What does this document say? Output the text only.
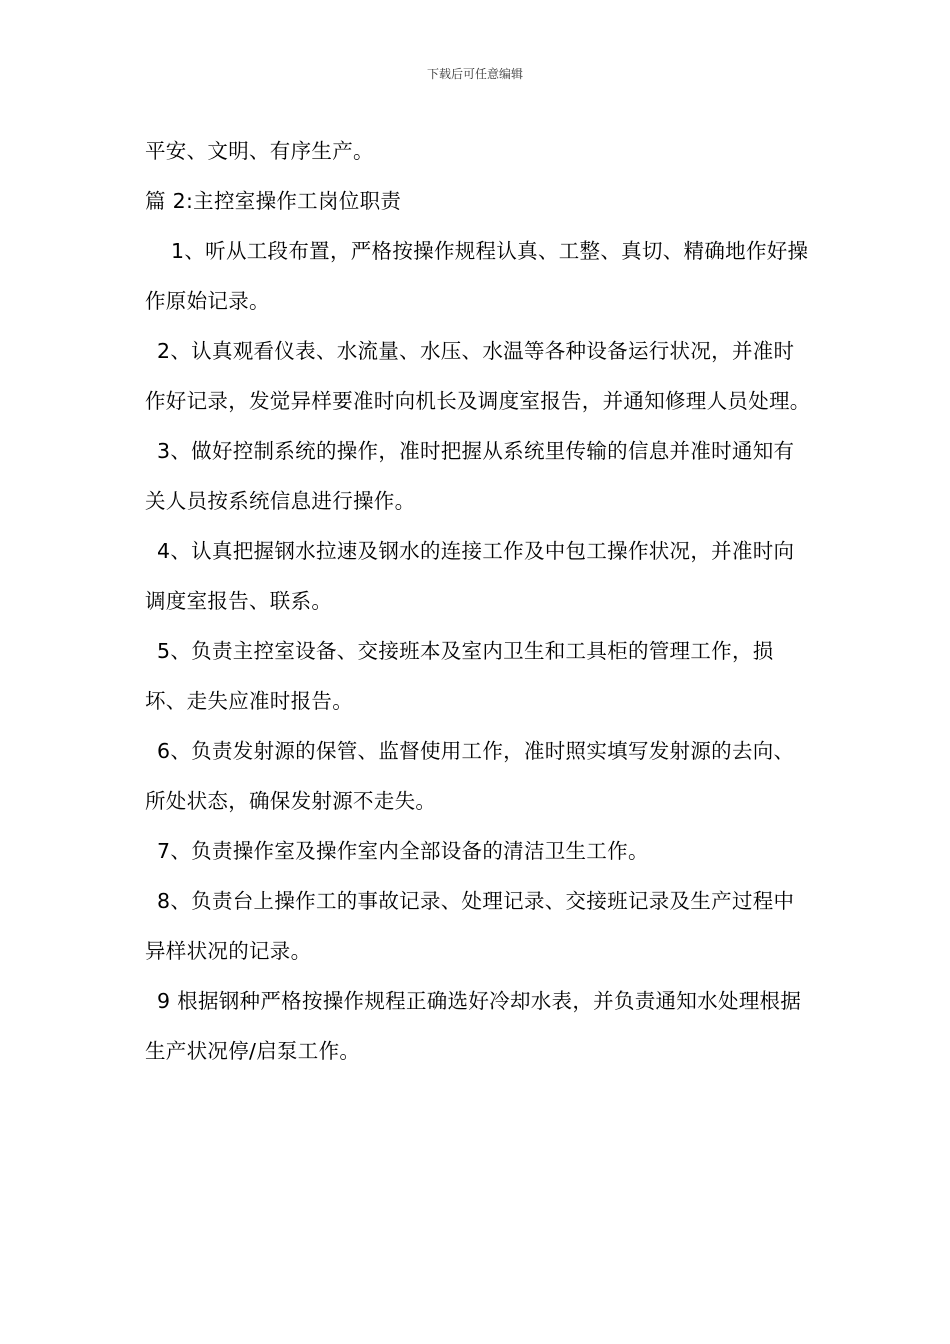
下载后可任意编辑

平安、文明、有序生产。

篇 2:主控室操作工岗位职责

1、听从工段布置，严格按操作规程认真、工整、真切、精确地作好操作原始记录。

2、认真观看仪表、水流量、水压、水温等各种设备运行状况，并准时作好记录，发觉异样要准时向机长及调度室报告，并通知修理人员处理。

3、做好控制系统的操作，准时把握从系统里传输的信息并准时通知有关人员按系统信息进行操作。

4、认真把握钢水拉速及钢水的连接工作及中包工操作状况，并准时向调度室报告、联系。

5、负责主控室设备、交接班本及室内卫生和工具柜的管理工作，损坏、走失应准时报告。

6、负责发射源的保管、监督使用工作，准时照实填写发射源的去向、所处状态，确保发射源不走失。

7、负责操作室及操作室内全部设备的清洁卫生工作。

8、负责台上操作工的事故记录、处理记录、交接班记录及生产过程中异样状况的记录。

9 根据钢种严格按操作规程正确选好冷却水表，并负责通知水处理根据生产状况停/启泵工作。
